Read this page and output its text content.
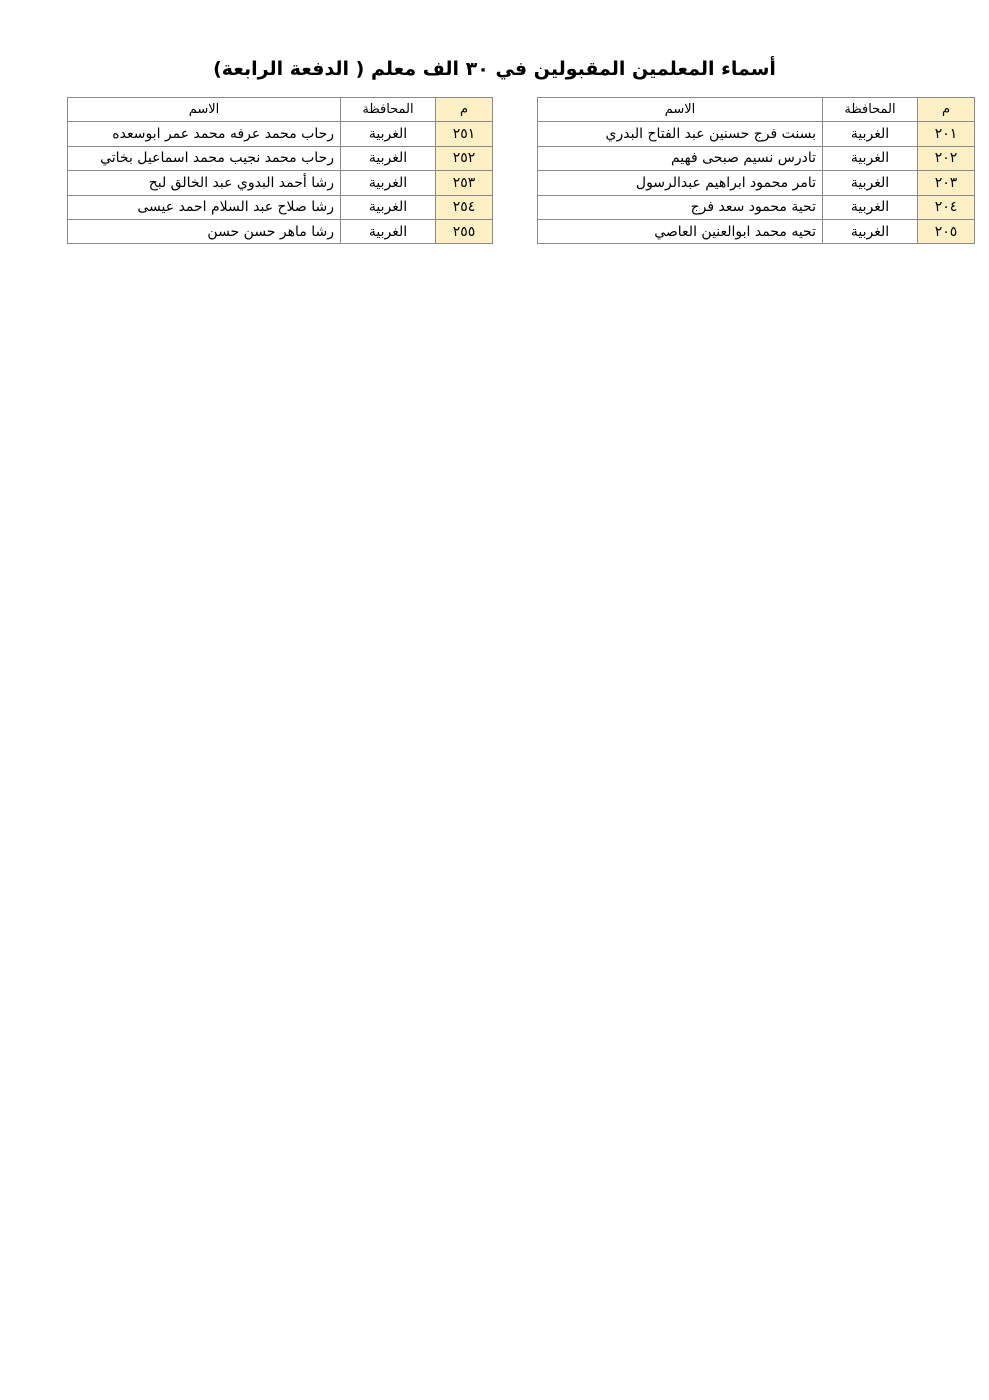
أسماء المعلمين المقبولين في ٣٠ الف معلم ( الدفعة الرابعة)
م	المحافظة	الاسم
٢٠١	الغربية	بسنت فرج حسنين عبد الفتاح البدري
٢٠٢	الغربية	تادرس نسيم صبحى فهيم
٢٠٣	الغربية	تامر محمود ابراهيم عبدالرسول
٢٠٤	الغربية	تحية محمود سعد فرج
٢٠٥	الغربية	تحيه محمد ابوالعنين العاصي
م	المحافظة	الاسم
٢٥١	الغربية	رحاب محمد عرفه محمد عمر ابوسعده
٢٥٢	الغربية	رحاب محمد نجيب محمد اسماعيل بخاتي
٢٥٣	الغربية	رشا أحمد البدوي عبد الخالق لبح
٢٥٤	الغربية	رشا صلاح عبد السلام احمد عيسى
٢٥٥	الغربية	رشا ماهر حسن حسن
